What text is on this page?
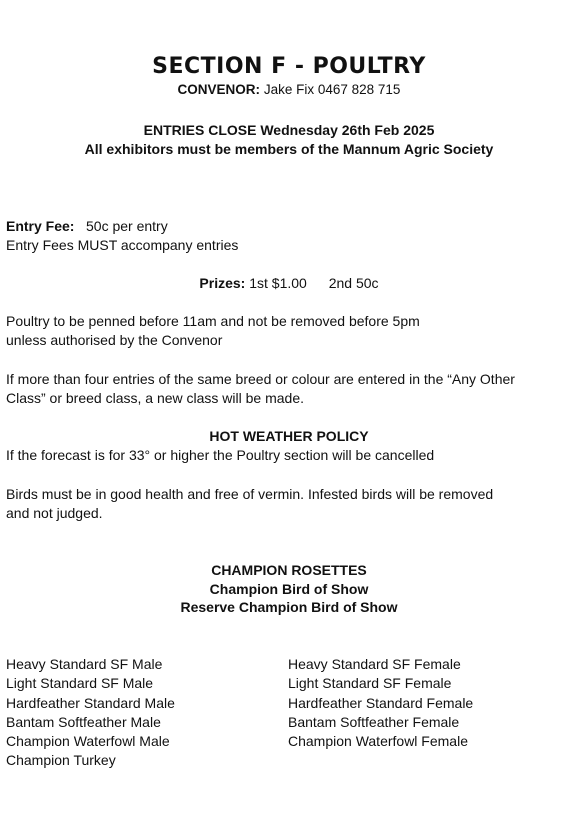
SECTION F - POULTRY
CONVENOR: Jake Fix 0467 828 715
ENTRIES CLOSE Wednesday 26th Feb 2025
All exhibitors must be members of the Mannum Agric Society
Entry Fee: 50c per entry
Entry Fees MUST accompany entries
Prizes: 1st $1.00 2nd 50c
Poultry to be penned before 11am and not be removed before 5pm
unless authorised by the Convenor
If more than four entries of the same breed or colour are entered in the “Any Other
Class” or breed class, a new class will be made.
HOT WEATHER POLICY
If the forecast is for 33° or higher the Poultry section will be cancelled
Birds must be in good health and free of vermin. Infested birds will be removed
and not judged.
CHAMPION ROSETTES
Champion Bird of Show
Reserve Champion Bird of Show
Heavy Standard SF Male
Light Standard SF Male
Hardfeather Standard Male
Bantam Softfeather Male
Champion Waterfowl Male
Champion Turkey
Heavy Standard SF Female
Light Standard SF Female
Hardfeather Standard Female
Bantam Softfeather Female
Champion Waterfowl Female
